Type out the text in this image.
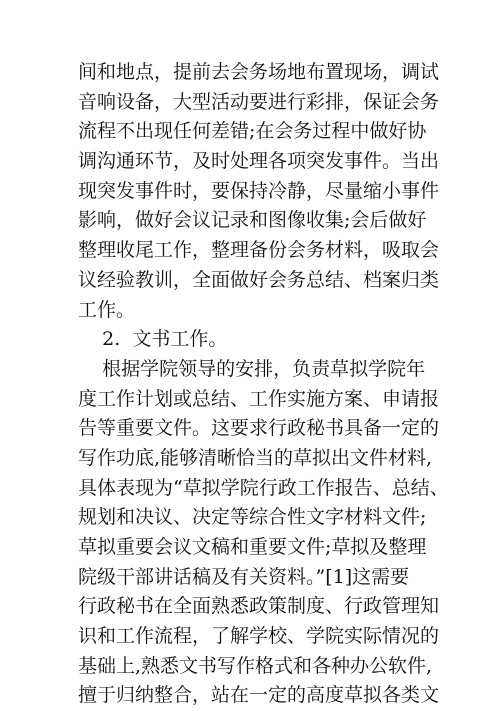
间和地点，提前去会务场地布置现场，调试
音响设备，大型活动要进行彩排，保证会务
流程不出现任何差错;在会务过程中做好协
调沟通环节，及时处理各项突发事件。当出
现突发事件时，要保持冷静，尽量缩小事件
影响，做好会议记录和图像收集;会后做好
整理收尾工作，整理备份会务材料，吸取会
议经验教训，全面做好会务总结、档案归类
工作。
2.  文书工作。
根据学院领导的安排，负责草拟学院年
度工作计划或总结、工作实施方案、申请报
告等重要文件。这要求行政秘书具备一定的
写作功底,能够清晰恰当的草拟出文件材料,
具体表现为“草拟学院行政工作报告、总结、
规划和决议、决定等综合性文字材料文件;
草拟重要会议文稿和重要文件;草拟及整理
院级干部讲话稿及有关资料。”[1]这需要
行政秘书在全面熟悉政策制度、行政管理知
识和工作流程，了解学校、学院实际情况的
基础上,熟悉文书写作格式和各种办公软件,
擅于归纳整合，站在一定的高度草拟各类文
